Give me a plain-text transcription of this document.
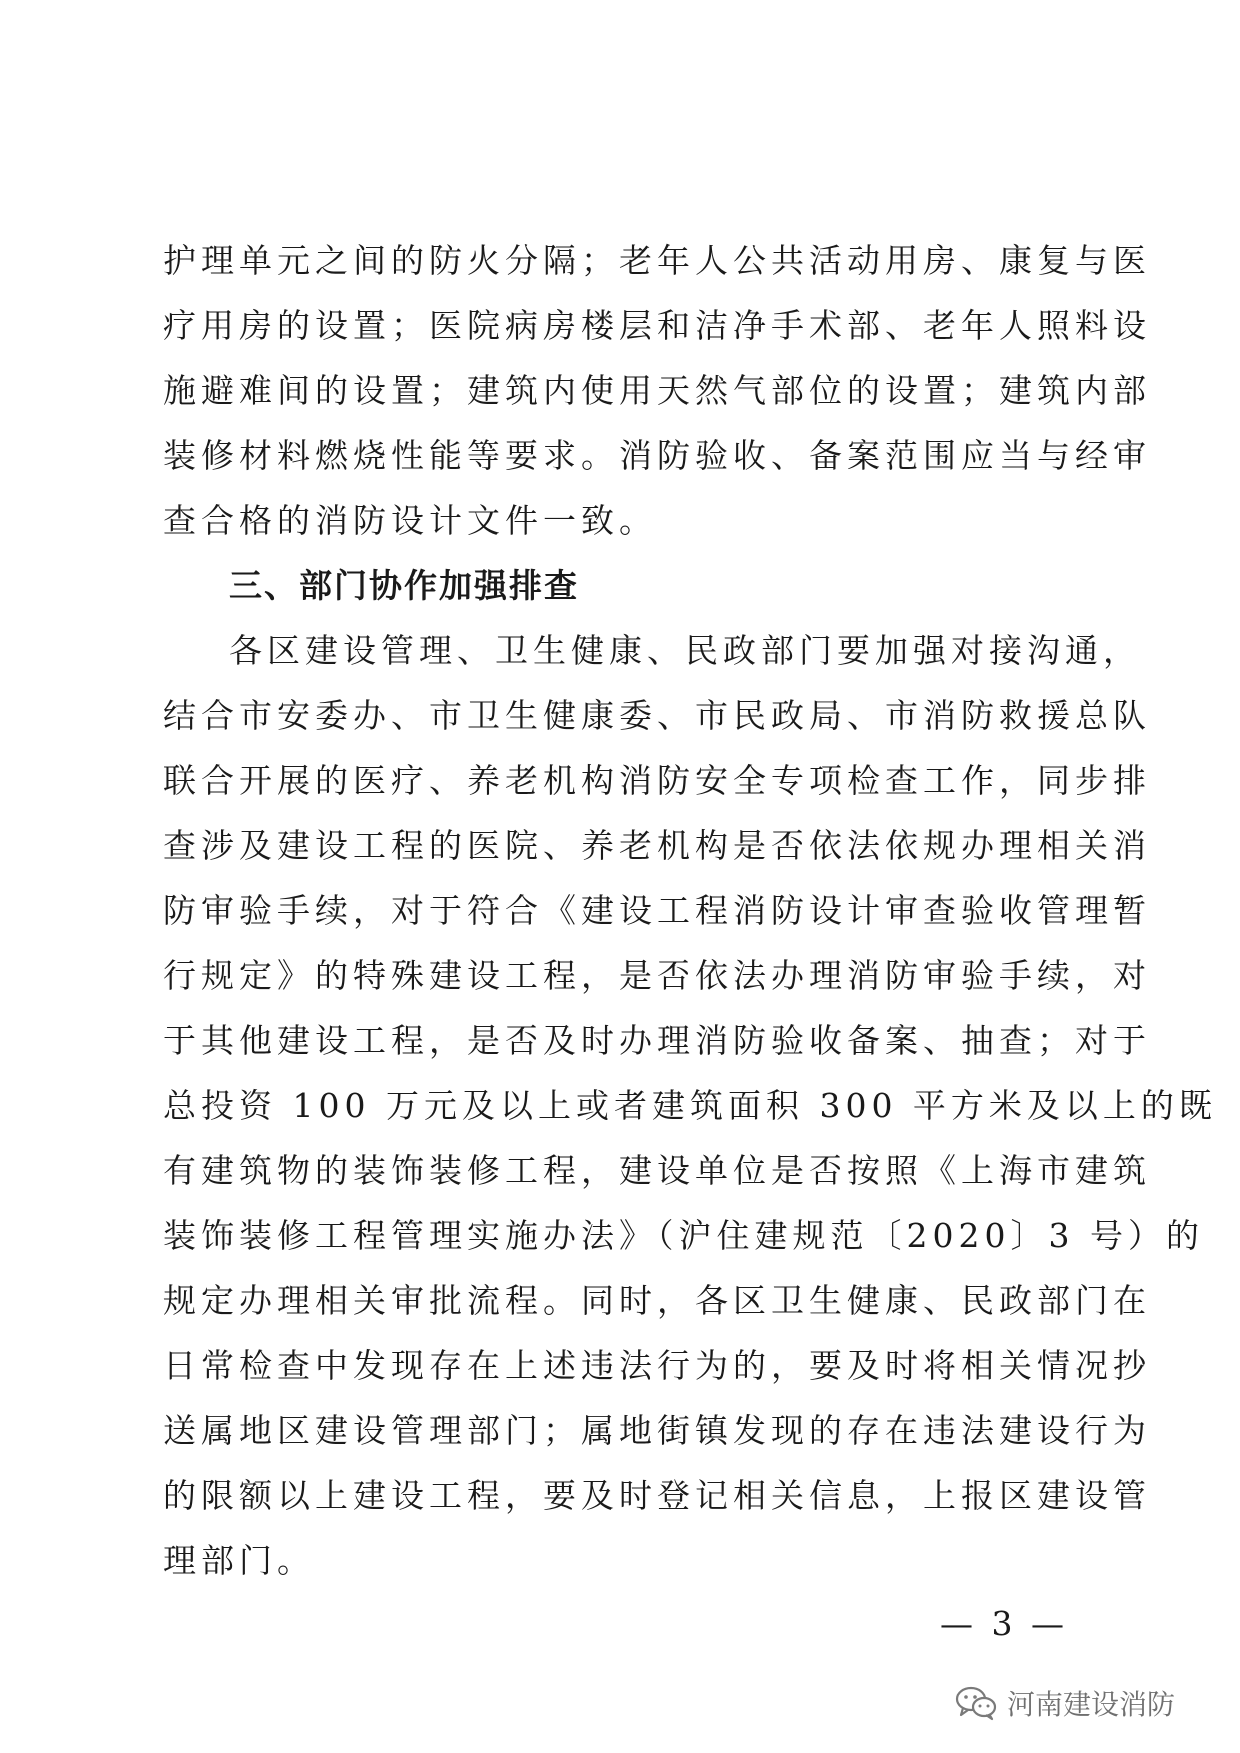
护理单元之间的防火分隔；老年人公共活动用房、康复与医
疗用房的设置；医院病房楼层和洁净手术部、老年人照料设
施避难间的设置；建筑内使用天然气部位的设置；建筑内部
装修材料燃烧性能等要求。消防验收、备案范围应当与经审
查合格的消防设计文件一致。
三、部门协作加强排查
各区建设管理、卫生健康、民政部门要加强对接沟通，
结合市安委办、市卫生健康委、市民政局、市消防救援总队
联合开展的医疗、养老机构消防安全专项检查工作，同步排
查涉及建设工程的医院、养老机构是否依法依规办理相关消
防审验手续，对于符合《建设工程消防设计审查验收管理暂
行规定》的特殊建设工程，是否依法办理消防审验手续，对
于其他建设工程，是否及时办理消防验收备案、抽查；对于
总投资 100 万元及以上或者建筑面积 300 平方米及以上的既
有建筑物的装饰装修工程，建设单位是否按照《上海市建筑
装饰装修工程管理实施办法》（沪住建规范〔2020〕3 号）的
规定办理相关审批流程。同时，各区卫生健康、民政部门在
日常检查中发现存在上述违法行为的，要及时将相关情况抄
送属地区建设管理部门；属地街镇发现的存在违法建设行为
的限额以上建设工程，要及时登记相关信息，上报区建设管
理部门。
— 3 —
河南建设消防
